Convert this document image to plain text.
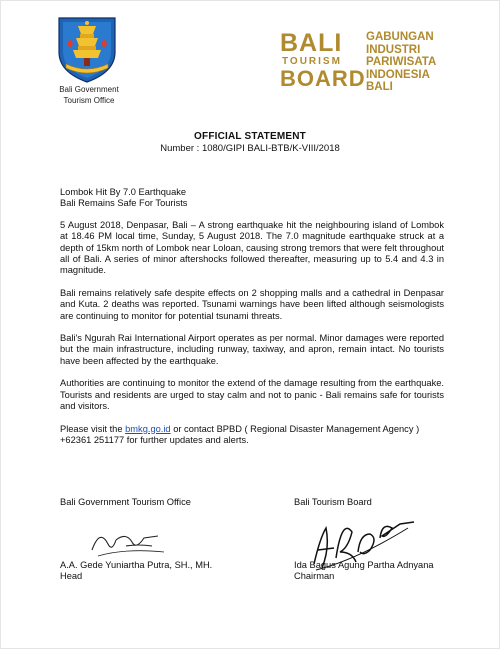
Bali Government
Tourism Office
BALI
TOURISM
BOARD
GABUNGAN
INDUSTRI
PARIWISATA
INDONESIA
BALI
OFFICIAL STATEMENT
Number : 1080/GIPI BALI-BTB/K-VIII/2018
Lombok Hit By 7.0 Earthquake
Bali Remains Safe For Tourists

5 August 2018, Denpasar, Bali – A strong earthquake hit the neighbouring island of Lombok at 18.46 PM local time, Sunday, 5 August 2018. The 7.0 magnitude earthquake struck at a depth of 15km north of Lombok near Loloan, causing strong tremors that were felt throughout all of Bali. A series of minor aftershocks followed thereafter, measuring up to 5.4 and 4.3 in magnitude.

Bali remains relatively safe despite effects on 2 shopping malls and a cathedral in Denpasar and Kuta. 2 deaths was reported. Tsunami warnings have been lifted although seismologists are continuing to monitor for potential tsunami threats.

Bali's Ngurah Rai International Airport operates as per normal. Minor damages were reported but the main infrastructure, including runway, taxiway, and apron, remain intact. No tourists have been affected by the earthquake.

Authorities are continuing to monitor the extend of the damage resulting from the earthquake. Tourists and residents are urged to stay calm and not to panic - Bali remains safe for tourists and visitors.

Please visit the bmkg.go.id or contact BPBD ( Regional Disaster Management Agency ) +62361 251177 for further updates and alerts.

Bali Government Tourism Office	Bali Tourism Board
A.A. Gede Yuniartha Putra, SH., MH.
Head
Ida Bagus Agung Partha Adnyana
Chairman
